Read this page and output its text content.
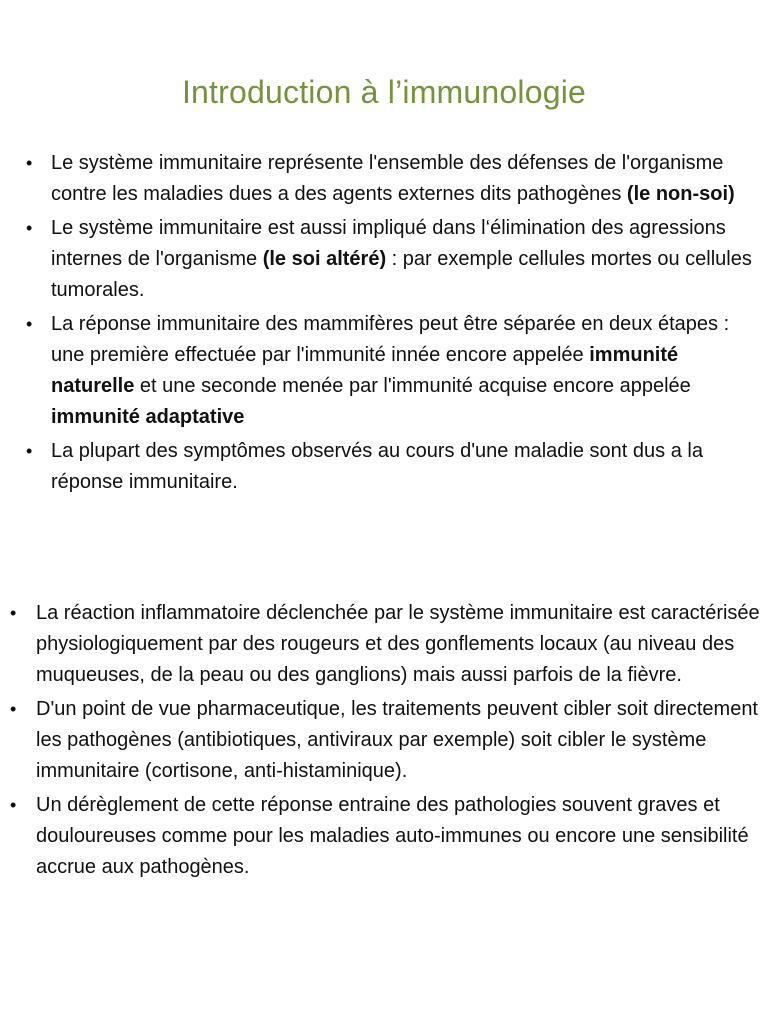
Introduction à l’immunologie
• Le système immunitaire représente l'ensemble des défenses de l'organisme contre les maladies dues a des agents externes dits pathogènes (le non-soi)
• Le système immunitaire est aussi impliqué dans l‘élimination des agressions internes de l'organisme (le soi altéré) : par exemple cellules mortes ou cellules tumorales.
• La réponse immunitaire des mammifères peut être séparée en deux étapes : une première effectuée par l'immunité innée encore appelée immunité naturelle et une seconde menée par l'immunité acquise encore appelée immunité adaptative
• La plupart des symptômes observés au cours d'une maladie sont dus a la réponse immunitaire.
• La réaction inflammatoire déclenchée par le système immunitaire est caractérisée physiologiquement par des rougeurs et des gonflements locaux (au niveau des muqueuses, de la peau ou des ganglions) mais aussi parfois de la fièvre.
• D'un point de vue pharmaceutique, les traitements peuvent cibler soit directement les pathogènes (antibiotiques, antiviraux par exemple) soit cibler le système immunitaire (cortisone, anti-histaminique).
• Un dérèglement de cette réponse entraine des pathologies souvent graves et douloureuses comme pour les maladies auto-immunes ou encore une sensibilité accrue aux pathogènes.
